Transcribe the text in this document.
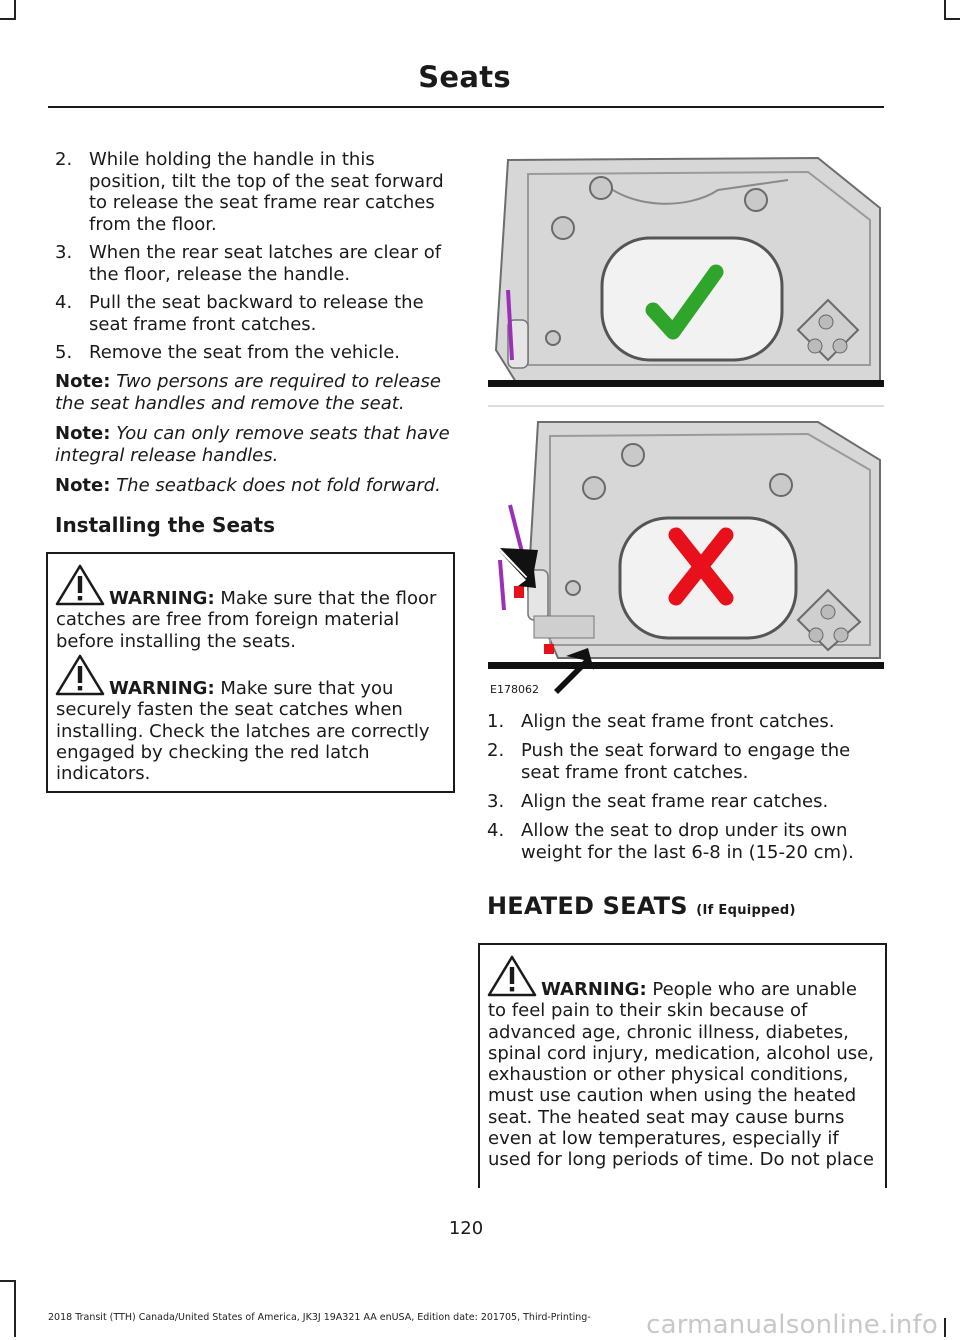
Seats
2. While holding the handle in this
position, tilt the top of the seat forward
to release the seat frame rear catches
from the floor.
3. When the rear seat latches are clear of
the floor, release the handle.
4. Pull the seat backward to release the
seat frame front catches.
5. Remove the seat from the vehicle.
Note: Two persons are required to release
the seat handles and remove the seat.
Note: You can only remove seats that have
integral release handles.
Note: The seatback does not fold forward.
Installing the Seats
WARNING: Make sure that the floor
catches are free from foreign material
before installing the seats.
WARNING: Make sure that you
securely fasten the seat catches when
installing. Check the latches are correctly
engaged by checking the red latch
indicators.
E178062
1. Align the seat frame front catches.
2. Push the seat forward to engage the
seat frame front catches.
3. Align the seat frame rear catches.
4. Allow the seat to drop under its own
weight for the last 6-8 in (15-20 cm).
HEATED SEATS (If Equipped)
WARNING: People who are unable
to feel pain to their skin because of
advanced age, chronic illness, diabetes,
spinal cord injury, medication, alcohol use,
exhaustion or other physical conditions,
must use caution when using the heated
seat. The heated seat may cause burns
even at low temperatures, especially if
used for long periods of time. Do not place
120
2018 Transit (TTH) Canada/United States of America, JK3J 19A321 AA enUSA, Edition date: 201705, Third-Printing- carmanualsonline.info
